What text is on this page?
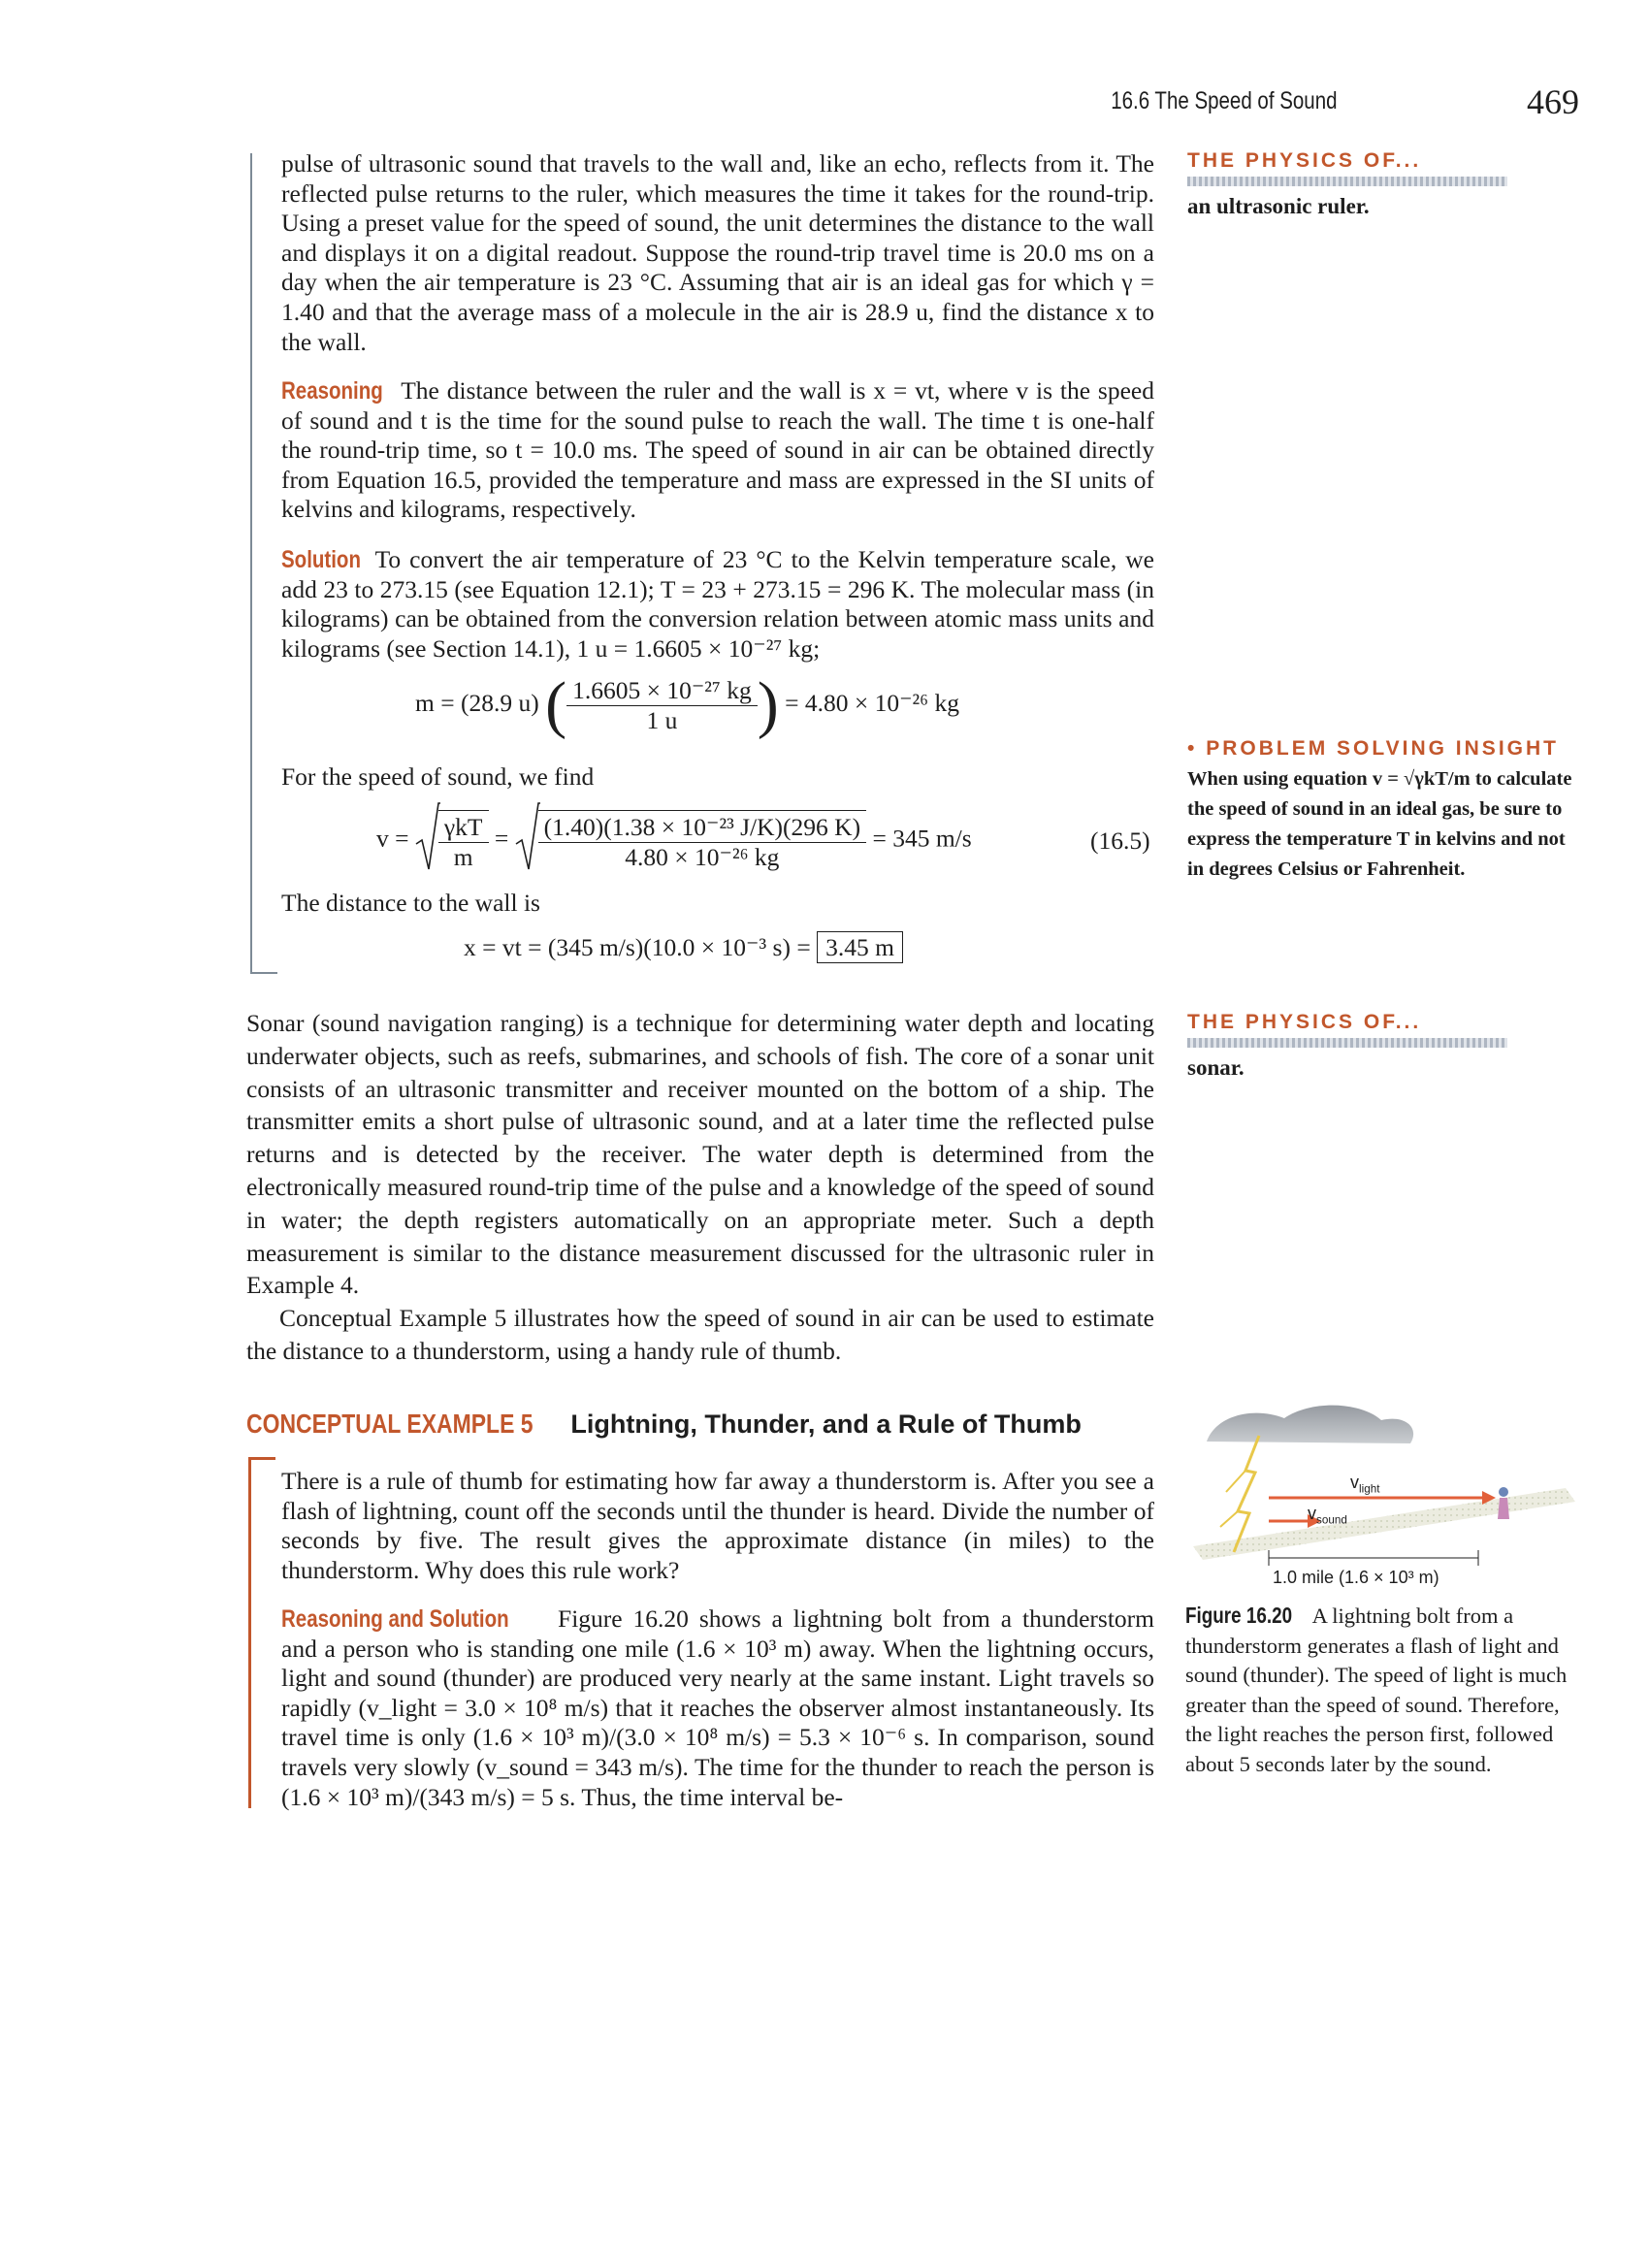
16.6 The Speed of Sound	469

pulse of ultrasonic sound that travels to the wall and, like an echo, reflects from it. The reflected pulse returns to the ruler, which measures the time it takes for the round-trip. Using a preset value for the speed of sound, the unit determines the distance to the wall and displays it on a digital readout. Suppose the round-trip travel time is 20.0 ms on a day when the air temperature is 23 °C. Assuming that air is an ideal gas for which γ = 1.40 and that the average mass of a molecule in the air is 28.9 u, find the distance x to the wall.

Reasoning The distance between the ruler and the wall is x = vt, where v is the speed of sound and t is the time for the sound pulse to reach the wall. The time t is one-half the round-trip time, so t = 10.0 ms. The speed of sound in air can be obtained directly from Equation 16.5, provided the temperature and mass are expressed in the SI units of kelvins and kilograms, respectively.

Solution To convert the air temperature of 23 °C to the Kelvin temperature scale, we add 23 to 273.15 (see Equation 12.1); T = 23 + 273.15 = 296 K. The molecular mass (in kilograms) can be obtained from the conversion relation between atomic mass units and kilograms (see Section 14.1), 1 u = 1.6605 × 10⁻²⁷ kg;

m = (28.9 u) ( $\frac{\text{1.6605 × 10⁻²⁷ kg}}{1 u}$ ) = 4.80 × 10⁻²⁶ kg

For the speed of sound, we find

$v = \frac{\text{γkT}}{m} = \frac{\text{(1.40)(1.38 × 10⁻²³ J/K)(296 K)}}{\text{4.80 × 10⁻²⁶ kg}} = 345$ m/s	(16.5)

The distance to the wall is

x = vt = (345 m/s)(10.0 × 10⁻³ s) = 3.45 m
THE PHYSICS OF...
an ultrasonic ruler.
• PROBLEM SOLVING INSIGHT
When using equation v = √γkT/m to calculate the speed of sound in an ideal gas, be sure to express the temperature T in kelvins and not in degrees Celsius or Fahrenheit.

Sonar (sound navigation ranging) is a technique for determining water depth and locating underwater objects, such as reefs, submarines, and schools of fish. The core of a sonar unit consists of an ultrasonic transmitter and receiver mounted on the bottom of a ship. The transmitter emits a short pulse of ultrasonic sound, and at a later time the reflected pulse returns and is detected by the receiver. The water depth is determined from the electronically measured round-trip time of the pulse and a knowledge of the speed of sound in water; the depth registers automatically on an appropriate meter. Such a depth measurement is similar to the distance measurement discussed for the ultrasonic ruler in Example 4.

Conceptual Example 5 illustrates how the speed of sound in air can be used to estimate the distance to a thunderstorm, using a handy rule of thumb.

THE PHYSICS OF...
sonar.
CONCEPTUAL EXAMPLE 5 Lightning, Thunder, and a Rule of Thumb

There is a rule of thumb for estimating how far away a thunderstorm is. After you see a flash of lightning, count off the seconds until the thunder is heard. Divide the number of seconds by five. The result gives the approximate distance (in miles) to the thunderstorm. Why does this rule work?

Reasoning and Solution Figure 16.20 shows a lightning bolt from a thunderstorm and a person who is standing one mile (1.6 × 10³ m) away. When the lightning occurs, light and sound (thunder) are produced very nearly at the same instant. Light travels so rapidly (v_light = 3.0 × 10⁸ m/s) that it reaches the observer almost instantaneously. Its travel time is only (1.6 × 10³ m)/(3.0 × 10⁸ m/s) = 5.3 × 10⁻⁶ s. In comparison, sound travels very slowly (v_sound = 343 m/s). The time for the thunder to reach the person is (1.6 × 10³ m)/(343 m/s) = 5 s. Thus, the time interval be-

$v_{light}$
$v_{sound}$
1.0 mile (1.6 × 10³ m)
Figure 16.20 A lightning bolt from a thunderstorm generates a flash of light and sound (thunder). The speed of light is much greater than the speed of sound. Therefore, the light reaches the person first, followed about 5 seconds later by the sound.
